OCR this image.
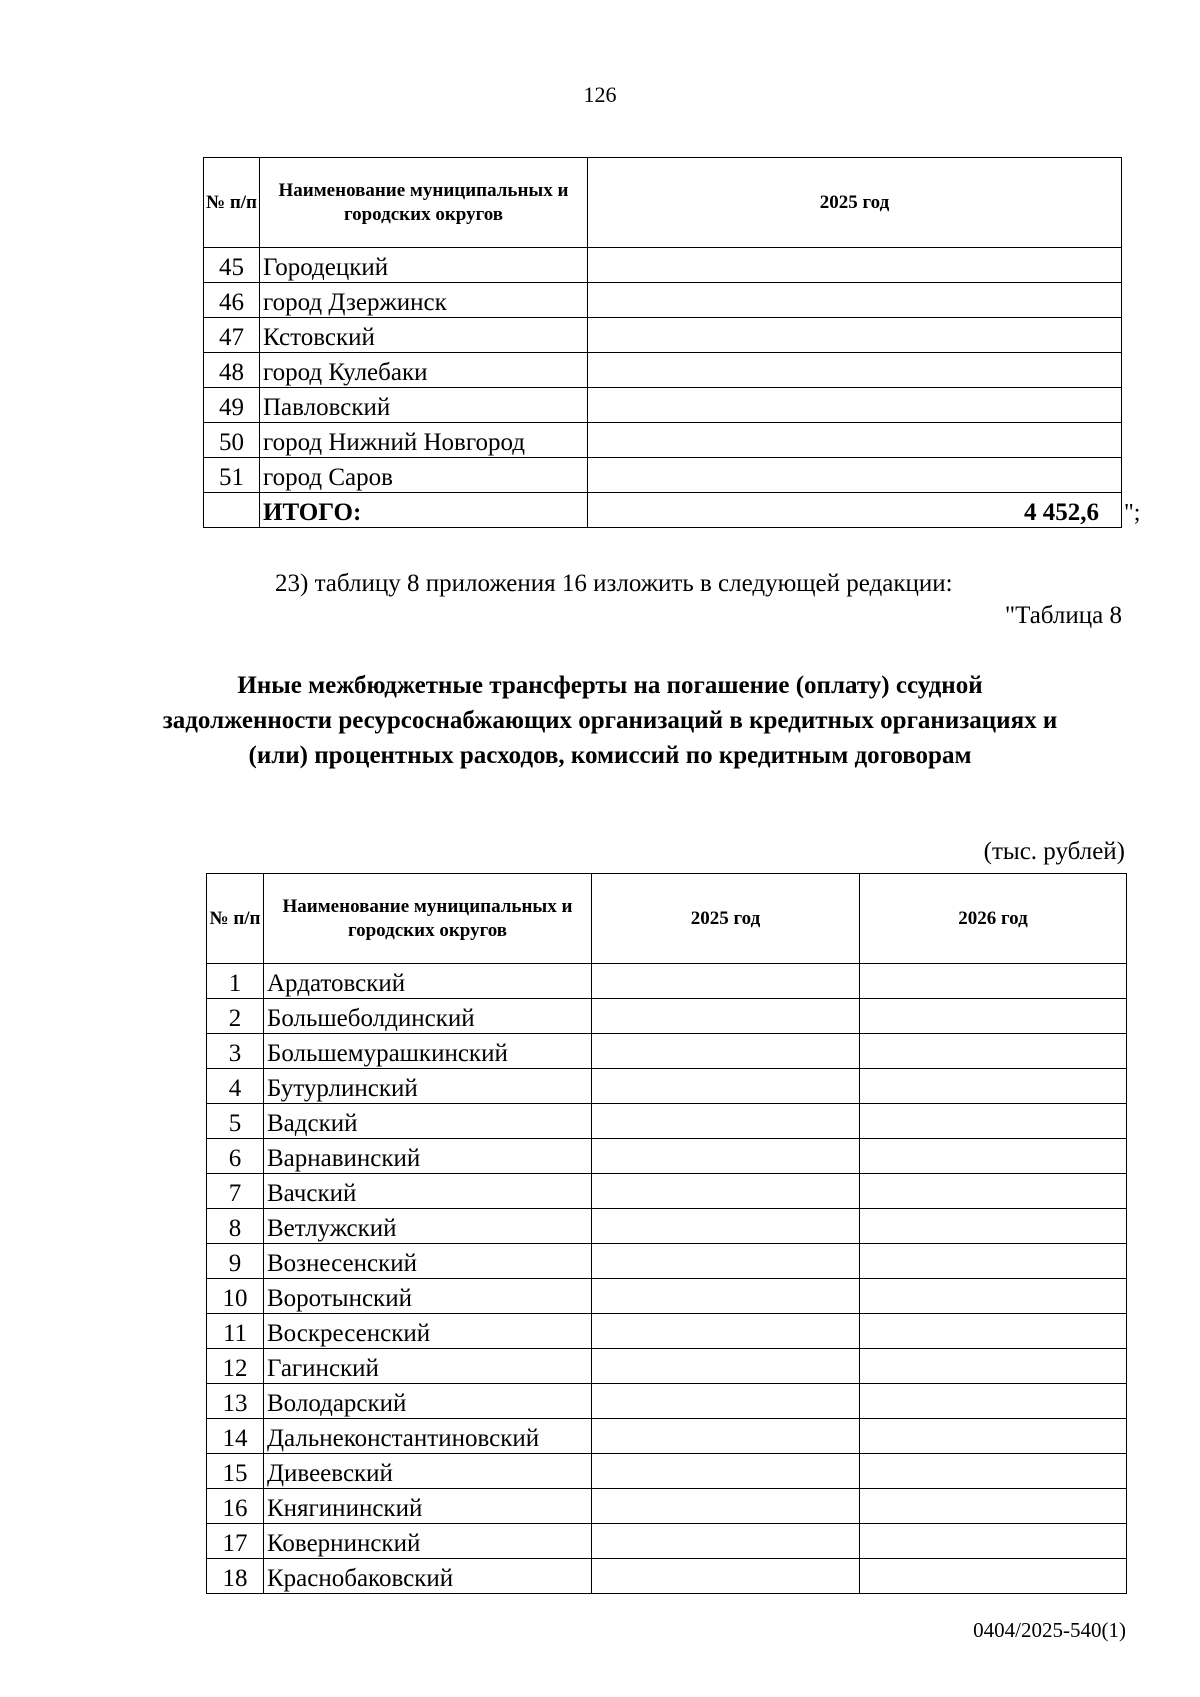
126
№ п/п	Наименование муниципальных и городских округов	2025 год
45	Городецкий	
46	город Дзержинск	
47	Кстовский	
48	город Кулебаки	
49	Павловский	
50	город Нижний Новгород	
51	город Саров	
	ИТОГО:	4 452,6 ";
23) таблицу 8 приложения 16 изложить в следующей редакции:
"Таблица 8
Иные межбюджетные трансферты на погашение (оплату) ссудной задолженности ресурсоснабжающих организаций в кредитных организациях и (или) процентных расходов, комиссий по кредитным договорам
(тыс. рублей)
№ п/п	Наименование муниципальных и городских округов	2025 год	2026 год
1	Ардатовский		
2	Большеболдинский		
3	Большемурашкинский		
4	Бутурлинский		
5	Вадский		
6	Варнавинский		
7	Вачский		
8	Ветлужский		
9	Вознесенский		
10	Воротынский		
11	Воскресенский		
12	Гагинский		
13	Володарский		
14	Дальнеконстантиновский		
15	Дивеевский		
16	Княгининский		
17	Ковернинский		
18	Краснобаковский		
0404/2025-540(1)
